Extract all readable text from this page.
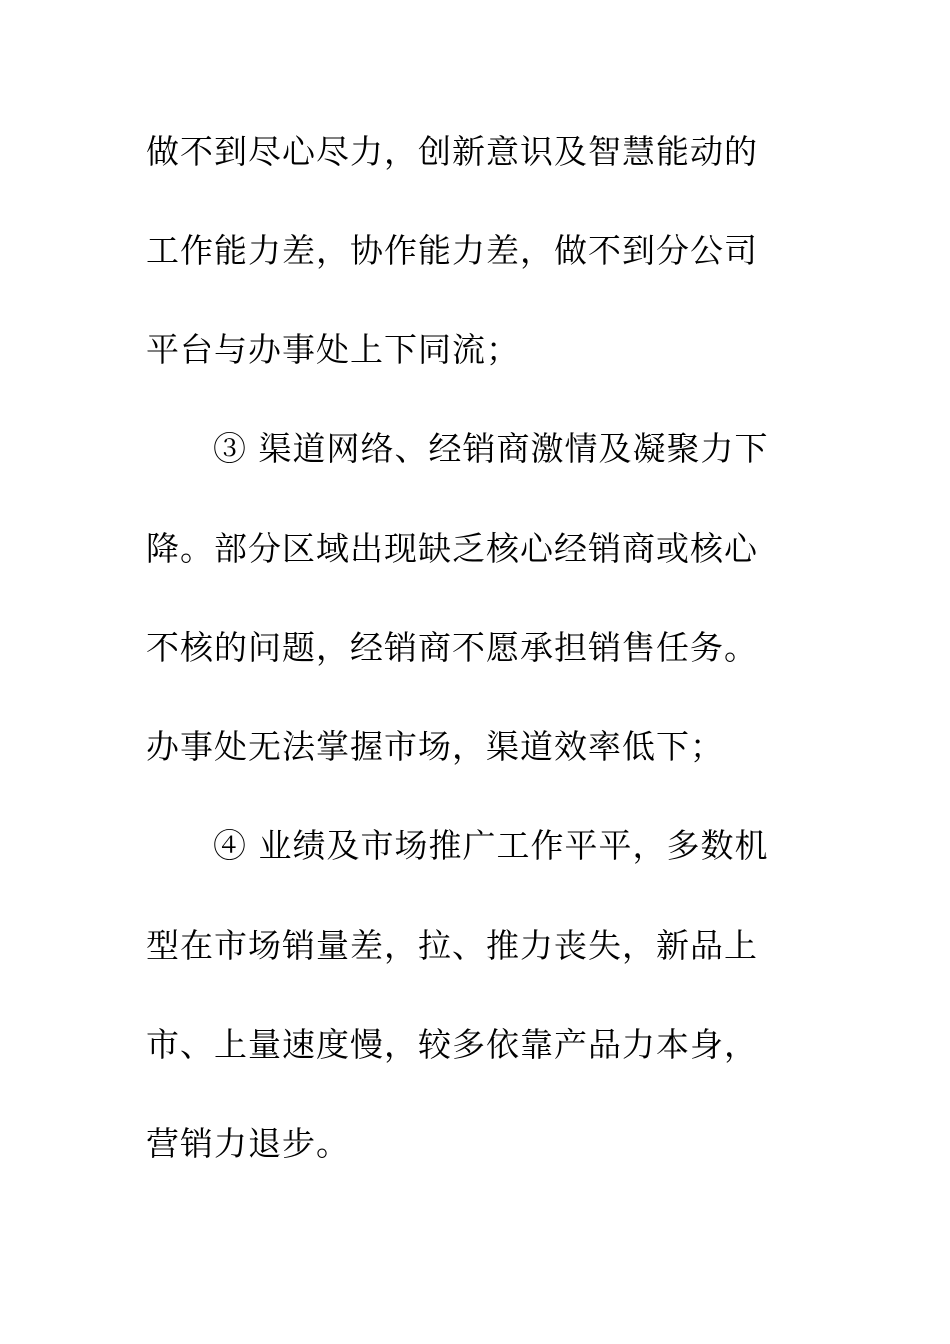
做不到尽心尽力，创新意识及智慧能动的
工作能力差，协作能力差，做不到分公司
平台与办事处上下同流；
③ 渠道网络、经销商激情及凝聚力下
降。部分区域出现缺乏核心经销商或核心
不核的问题，经销商不愿承担销售任务。
办事处无法掌握市场，渠道效率低下；
④ 业绩及市场推广工作平平，多数机
型在市场销量差，拉、推力丧失，新品上
市、上量速度慢，较多依靠产品力本身，
营销力退步。
